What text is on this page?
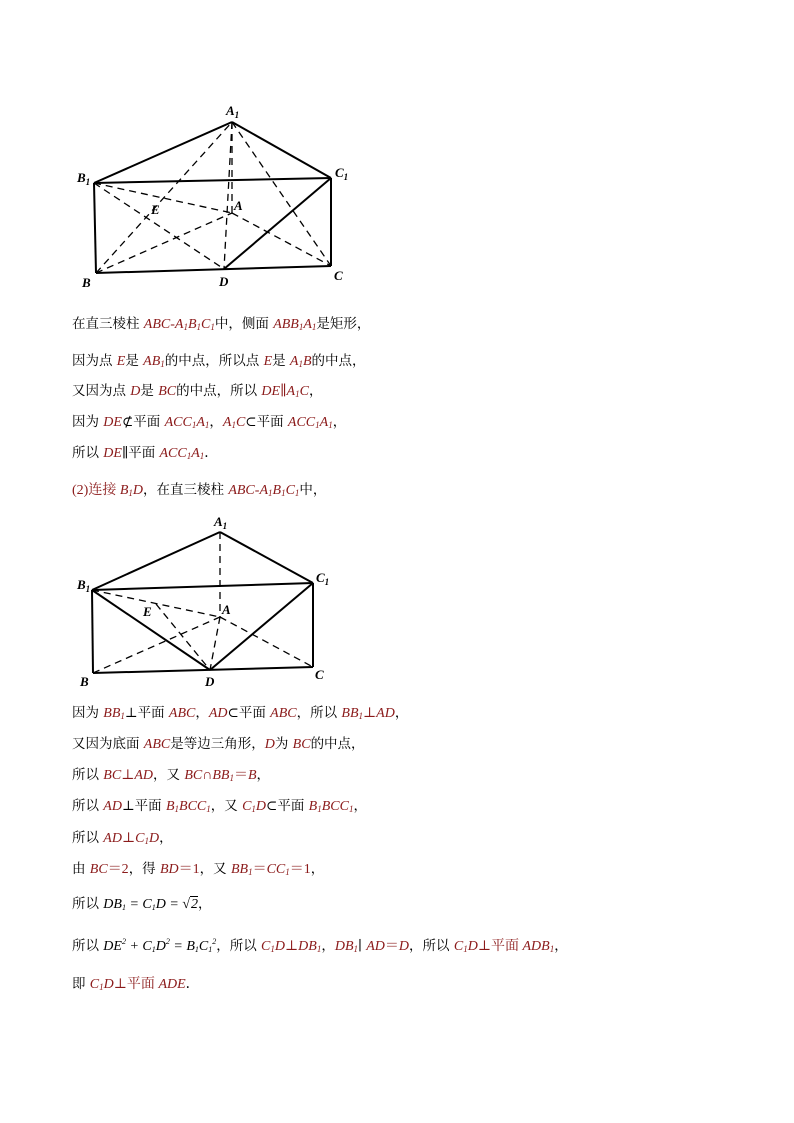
$A_1$
$B_1$
$C_1$
E	A
B	D	C
在直三棱柱 ABC-$A_1B_1C_1$中，侧面 $ABB_1A_1$是矩形，
因为点 E是 $AB_1$的中点，所以点 E是 $A_1B$的中点，
又因为点 D是 BC的中点，所以 $DE\parallel A_1C$，
因为 DE⊄平面 $ACC_1A_1$，$A_1C\subset$平面 $ACC_1A_1$，
所以 DE∥平面 $ACC_1A_1$.
(2)连接 $B_1D$，在直三棱柱 ABC-$A_1B_1C_1$中，
$A_1$
$B_1$
$C_1$
E	A
B	D	C
因为 $BB_1\perp$平面 ABC，AD⊂平面 ABC，所以 $BB_1\perp AD$，
又因为底面 ABC是等边三角形，D为 BC的中点，
所以 BC⊥AD，又 $BC\cap BB_1=B$，
所以 AD⊥平面 $B_1BCC_1$，又 $C_1D\subset$平面 $B_1BCC_1$，
所以 $AD\perp C_1D$，
由 BC＝2，得 BD＝1，又 $BB_1=CC_1=1$，
所以 $DB_1 = C_1D = √2$，
所以 $DE^2 + C_1D^2 = B_1C_1^2$，所以 $C_1D\perp DB_1$，$DB_1∣$ AD＝D，所以 $C_1D\perp$平面 $ADB_1$，
即 $C_1D\perp$平面 ADE.
